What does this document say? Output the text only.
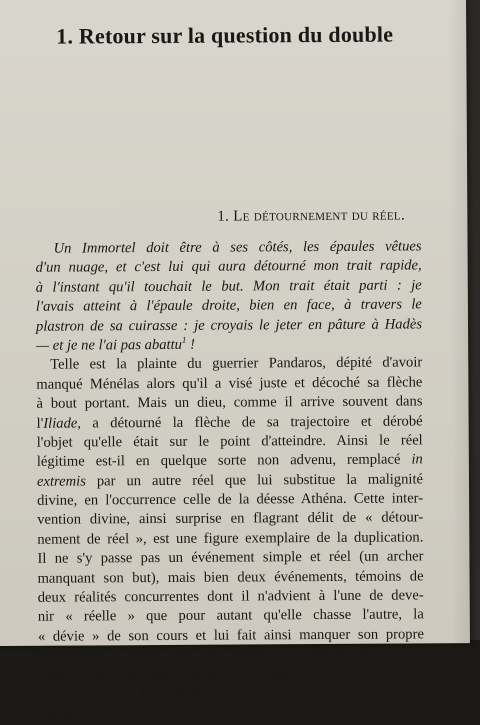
1. Retour sur la question du double
1. Le détournement du réel.
Un Immortel doit être à ses côtés, les épaules vêtues
d'un nuage, et c'est lui qui aura détourné mon trait rapide,
à l'instant qu'il touchait le but. Mon trait était parti : je
l'avais atteint à l'épaule droite, bien en face, à travers le
plastron de sa cuirasse : je croyais le jeter en pâture à Hadès
— et je ne l'ai pas abattu$^1$ !
Telle est la plainte du guerrier Pandaros, dépité d'avoir
manqué Ménélas alors qu'il a visé juste et décoché sa flèche
à bout portant. Mais un dieu, comme il arrive souvent dans
l'Iliade, a détourné la flèche de sa trajectoire et dérobé
l'objet qu'elle était sur le point d'atteindre. Ainsi le réel
légitime est-il en quelque sorte non advenu, remplacé in
extremis par un autre réel que lui substitue la malignité
divine, en l'occurrence celle de la déesse Athéna. Cette inter-
vention divine, ainsi surprise en flagrant délit de « détour-
nement de réel », est une figure exemplaire de la duplication.
Il ne s'y passe pas un événement simple et réel (un archer
manquant son but), mais bien deux événements, témoins de
deux réalités concurrentes dont il n'advient à l'une de deve-
nir « réelle » que pour autant qu'elle chasse l'autre, la
« dévie » de son cours et lui fait ainsi manquer son propre
avènement : d'une part un archer qui réussit son coup,
d'autre part une intervention divine qui, interceptant l'événe-
ment en cours de réalisation, fait que le coup réussi est en
même temps un coup manqué. L'avènement d'un certain
